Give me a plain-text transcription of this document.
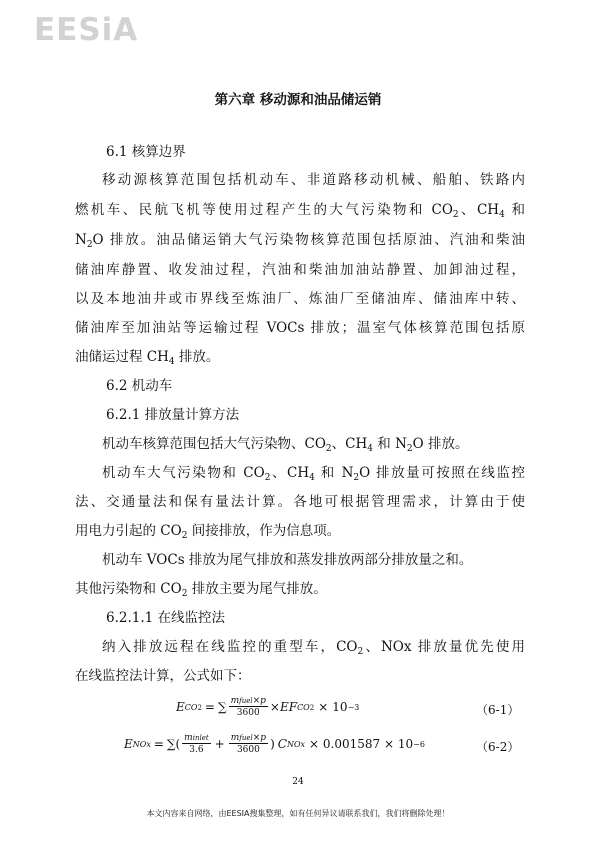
EESiA
第六章 移动源和油品储运销
6.1 核算边界
移动源核算范围包括机动车、非道路移动机械、船舶、铁路内
燃机车、民航飞机等使用过程产生的大气污染物和 $CO_2$、$CH_4$ 和
$N_2O$ 排放。油品储运销大气污染物核算范围包括原油、汽油和柴油
储油库静置、收发油过程，汽油和柴油加油站静置、加卸油过程，
以及本地油井或市界线至炼油厂、炼油厂至储油库、储油库中转、
储油库至加油站等运输过程 VOCs 排放；温室气体核算范围包括原
油储运过程 $CH_4$ 排放。
6.2 机动车
6.2.1 排放量计算方法
机动车核算范围包括大气污染物、$CO_2$、$CH_4$ 和 $N_2O$ 排放。
机动车大气污染物和 $CO_2$、$CH_4$ 和 $N_2O$ 排放量可按照在线监控
法、交通量法和保有量法计算。各地可根据管理需求，计算由于使
用电力引起的 $CO_2$ 间接排放，作为信息项。
机动车 VOCs 排放为尾气排放和蒸发排放两部分排放量之和。
其他污染物和 $CO_2$ 排放主要为尾气排放。
6.2.1.1 在线监控法
纳入排放远程在线监控的重型车，$CO_2$、NOx 排放量优先使用
在线监控法计算，公式如下：
E CO2 = ∑ $\frac{\text{mfuel×p}}{3600}$ × EF CO2 × 10 −3	（6-1）
E NOx = ∑( $\frac{\text{minlet}}{3.6} + \frac{\text{mfuel×p}}{3600}$ ) C NOx × 0.001587 × 10 −6	（6-2）
24
本文内容来自网络，由EESIA搜集整理，如有任何异议请联系我们，我们将删除处理！
